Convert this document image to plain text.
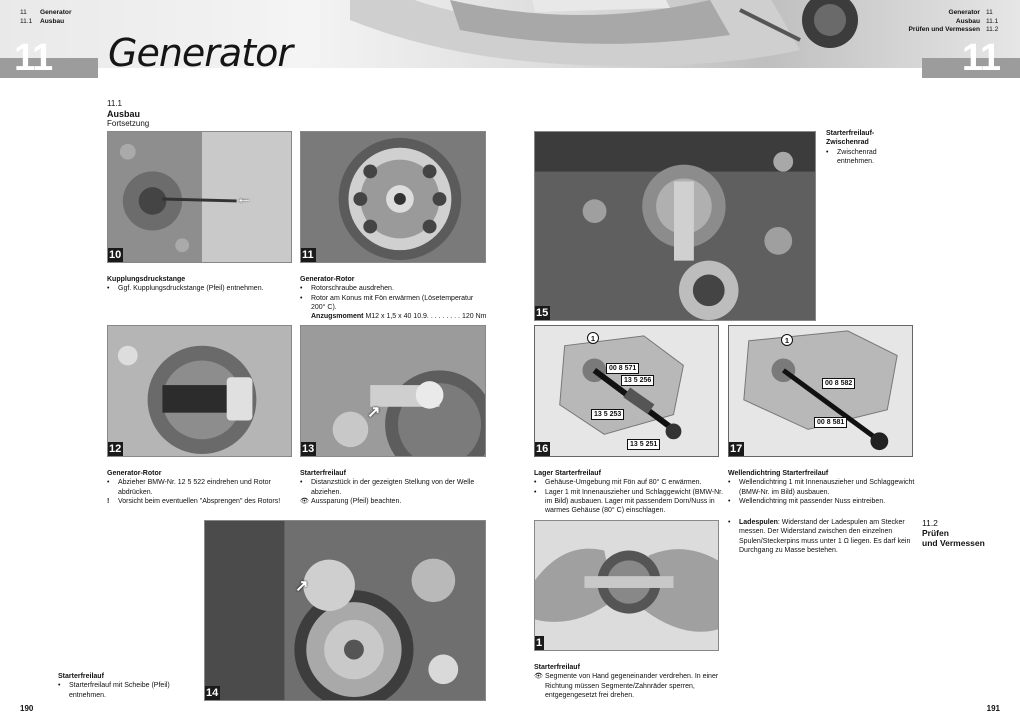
11	11
Generator
11	Generator
11.1 Ausbau
Generator 11
Ausbau 11.1
Prüfen und Vermessen 11.2
11.1
Ausbau
Fortsetzung
←
10	11
Kupplungsdruckstange
•	Ggf. Kupplungsdruckstange (Pfeil) entnehmen.
Generator-Rotor
•	Rotorschraube ausdrehen.
•	Rotor am Konus mit Fön erwärmen (Lösetemperatur 200° C).
Anzugsmoment M12 x 1,5 x 40 10.9. . . . . . . . . 120 Nm
12
↗
13
Generator-Rotor
•	Abzieher BMW-Nr. 12 5 522 eindrehen und Rotor abdrücken.
!	Vorsicht beim eventuellen "Absprengen" des Rotors!
Starterfreilauf
•	Distanzstück in der gezeigten Stellung von der Welle abziehen.
👁 Aussparung (Pfeil) beachten.
↗
14
Starterfreilauf
•	Starterfreilauf mit Scheibe (Pfeil) entnehmen.
15
Starterfreilauf-Zwischenrad
•	Zwischenrad entnehmen.
1
00 8 571
13 5 256
13 5 253
13 5 251
16
1
00 8 582
00 8 581
17
Lager Starterfreilauf
•	Gehäuse-Umgebung mit Fön auf 80° C erwärmen.
•	Lager 1 mit Innenauszieher und Schlaggewicht (BMW-Nr. im Bild) ausbauen. Lager mit passendem Dorn/Nuss in warmes Gehäuse (80° C) einschlagen.
Wellendichtring Starterfreilauf
•	Wellendichtring 1 mit Innenauszieher und Schlaggewicht (BMW-Nr. im Bild) ausbauen.
•	Wellendichtring mit passender Nuss eintreiben.
•	Ladespulen: Widerstand der Ladespulen am Stecker messen. Der Widerstand zwischen den einzelnen Spulen/Steckerpins muss unter 1 Ω liegen. Es darf kein Durchgang zu Masse bestehen.
11.2
Prüfen
und Vermessen
1
Starterfreilauf
👁 Segmente von Hand gegeneinander verdrehen. In einer Richtung müssen Segmente/Zahnräder sperren, entgegengesetzt frei drehen.
190	191
